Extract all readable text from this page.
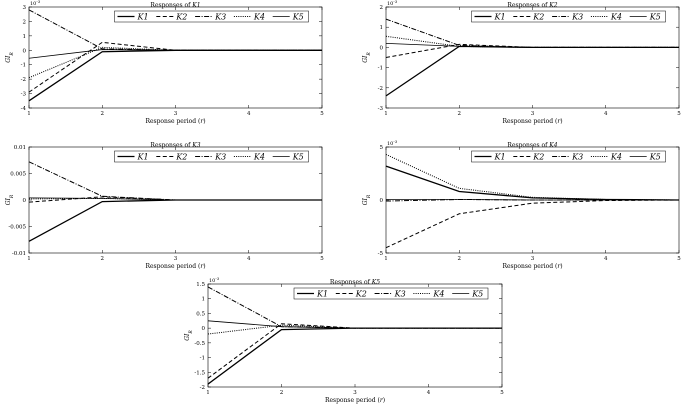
1	2	3	4	5
-4
-3
-2
-1
0
1
2
3
$10^{-3}$
Responses of K1
Response period (r)
$GI_R$
K1	K2	K3	K4	K5
1	2	3	4	5
-3
-2
-1
0
1
2
$10^{-3}$
Responses of K2
Response period (r)
$GI_R$
K1	K2	K3	K4	K5
1	2	3	4	5
-0.01
-0.005
0
0.005
0.01	Responses of K3
Response period (r)
$GI_R$
K1	K2	K3	K4	K5
1	2	3	4	5
-5
0
5
$10^{-3}$
Responses of K4
Response period (r)
$GI_R$
K1	K2	K3	K4	K5
1	2	3	4	5
-2
-1.5
-1
-0.5
0
0.5
1
1.5
$10^{-3}$
Responses of K5
Response period (r)
$GI_R$
K1	K2	K3	K4	K5
